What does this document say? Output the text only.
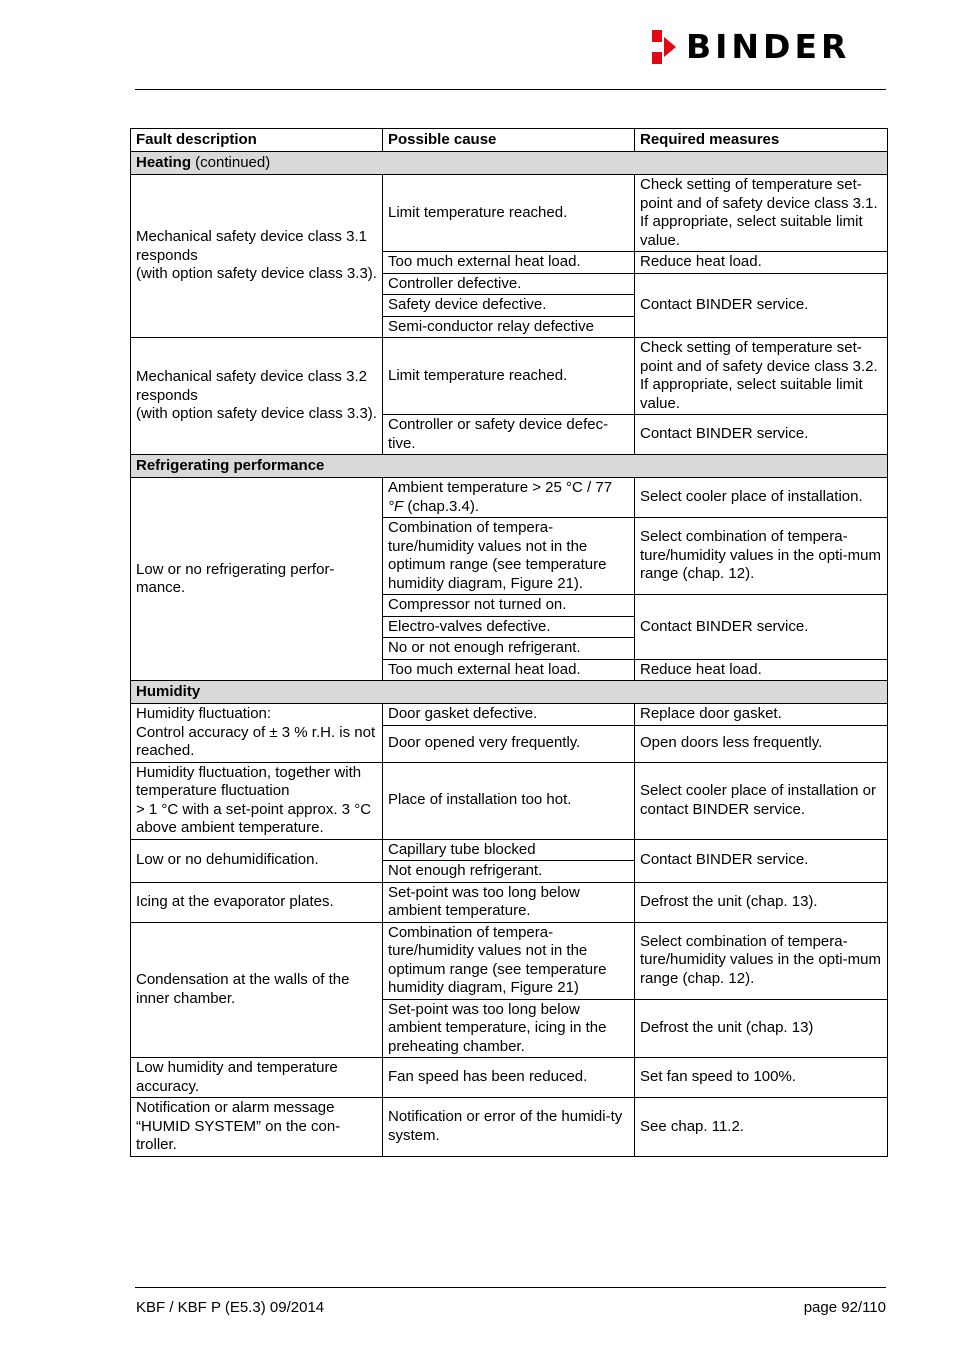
BINDER
Fault description	Possible cause	Required measures
Heating (continued)		
Mechanical safety device class 3.1 responds
(with option safety device class 3.3).	Limit temperature reached.	Check setting of temperature set-point and of safety device class 3.1. If appropriate, select suitable limit value.
	Too much external heat load.	Reduce heat load.
	Controller defective.	Contact BINDER service.
	Safety device defective.	
	Semi-conductor relay defective	
Mechanical safety device class 3.2 responds
(with option safety device class 3.3).	Limit temperature reached.	Check setting of temperature set-point and of safety device class 3.2. If appropriate, select suitable limit value.
	Controller or safety device defec-tive.	Contact BINDER service.
Refrigerating performance		
Low or no refrigerating perfor-mance.	Ambient temperature > 25 °C / 77 °F (chap.3.4).	Select cooler place of installation.
	Combination of tempera-ture/humidity values not in the optimum range (see temperature humidity diagram, Figure 21).	Select combination of tempera-ture/humidity values in the opti-mum range (chap. 12).
	Compressor not turned on.	Contact BINDER service.
	Electro-valves defective.	
	No or not enough refrigerant.	
	Too much external heat load.	Reduce heat load.
Humidity		
Humidity fluctuation:
Control accuracy of ± 3 % r.H. is not reached.	Door gasket defective.	Replace door gasket.
	Door opened very frequently.	Open doors less frequently.
Humidity fluctuation, together with temperature fluctuation
> 1 °C with a set-point approx. 3 °C above ambient temperature.	Place of installation too hot.	Select cooler place of installation or contact BINDER service.
Low or no dehumidification.	Capillary tube blocked	Contact BINDER service.
	Not enough refrigerant.	
Icing at the evaporator plates.	Set-point was too long below ambient temperature.	Defrost the unit (chap. 13).
Condensation at the walls of the inner chamber.	Combination of tempera-ture/humidity values not in the optimum range (see temperature humidity diagram, Figure 21)	Select combination of tempera-ture/humidity values in the opti-mum range (chap. 12).
	Set-point was too long below ambient temperature, icing in the preheating chamber.	Defrost the unit (chap. 13)
Low humidity and temperature accuracy.	Fan speed has been reduced.	Set fan speed to 100%.
Notification or alarm message “HUMID SYSTEM” on the con-troller.	Notification or error of the humidi-ty system.	See chap. 11.2.
KBF / KBF P (E5.3) 09/2014	page 92/110
